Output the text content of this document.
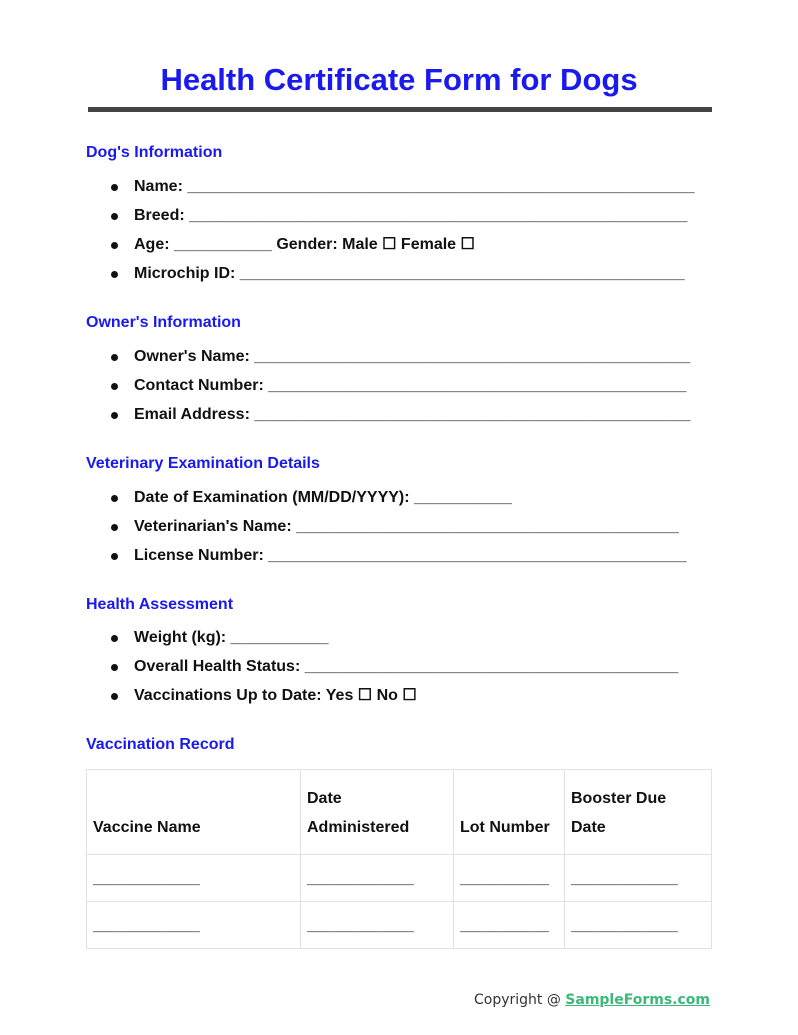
Health Certificate Form for Dogs
Dog's Information
Name: _________________________________________________________
Breed: ________________________________________________________
Age: ___________ Gender: Male ☐ Female ☐
Microchip ID: __________________________________________________
Owner's Information
Owner's Name: _________________________________________________
Contact Number: _______________________________________________
Email Address: _________________________________________________
Veterinary Examination Details
Date of Examination (MM/DD/YYYY): ___________
Veterinarian's Name: ___________________________________________
License Number: _______________________________________________
Health Assessment
Weight (kg): ___________
Overall Health Status: __________________________________________
Vaccinations Up to Date: Yes ☐ No ☐
Vaccination Record
Vaccine Name	Date Administered	Lot Number	Booster Due Date
____________	____________	__________	____________
____________	____________	__________	____________
Copyright @ SampleForms.com
